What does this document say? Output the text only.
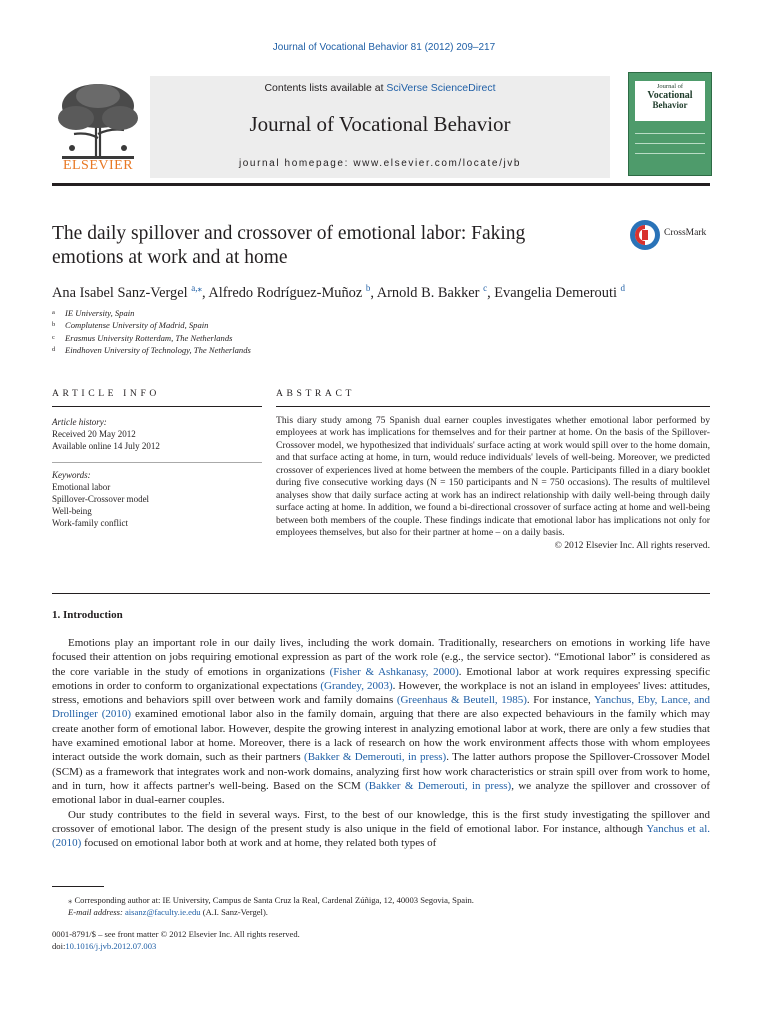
Journal of Vocational Behavior 81 (2012) 209–217
ELSEVIER
Contents lists available at SciVerse ScienceDirect
Journal of Vocational Behavior
journal homepage: www.elsevier.com/locate/jvb
Journal of
Vocational
Behavior
The daily spillover and crossover of emotional labor: Faking
emotions at work and at home
CrossMark
Ana Isabel Sanz-Vergel $^{a,⁎}$, Alfredo Rodríguez-Muñoz $^b$, Arnold B. Bakker $^c$, Evangelia Demerouti $^d$
a IE University, Spain
b Complutense University of Madrid, Spain
c Erasmus University Rotterdam, The Netherlands
d Eindhoven University of Technology, The Netherlands
ARTICLE INFO	ABSTRACT
Article history:
Received 20 May 2012
Available online 14 July 2012
Keywords:
Emotional labor
Spillover-Crossover model
Well-being
Work-family conflict
This diary study among 75 Spanish dual earner couples investigates whether emotional labor performed by employees at work has implications for themselves and for their partner at home. On the basis of the Spillover-Crossover model, we hypothesized that individuals' surface acting at work would spill over to the home domain, and that surface acting at home, in turn, would reduce individuals' levels of well-being. Moreover, we predicted crossover of experiences lived at home between the members of the couple. Participants filled in a diary booklet during five consecutive working days (N = 150 participants and N = 750 occasions). The results of multilevel analyses show that daily surface acting at work has an indirect relationship with daily well-being through daily surface acting at home. In addition, we found a bi-directional crossover of surface acting at home and well-being between both members of the couple. These findings indicate that emotional labor has implications not only for employees themselves, but also for their partner at home – on a daily basis.
© 2012 Elsevier Inc. All rights reserved.
1. Introduction

Emotions play an important role in our daily lives, including the work domain. Traditionally, researchers on emotions in working life have focused their attention on jobs requiring emotional expression as part of the work role (e.g., the service sector). “Emotional labor” is considered as the core variable in the study of emotions in organizations (Fisher & Ashkanasy, 2000). Emotional labor at work requires expressing specific emotions in order to conform to organizational expectations (Grandey, 2003). However, the workplace is not an island in employees' lives: attitudes, stress, emotions and behaviors spill over between work and family domains (Greenhaus & Beutell, 1985). For instance, Yanchus, Eby, Lance, and Drollinger (2010) examined emotional labor also in the family domain, arguing that there are also expected behaviours in the family which may create another form of emotional labor. However, despite the growing interest in analyzing emotional labor at work, there are only a few studies that have examined emotional labor at home. Moreover, there is a lack of research on how the work environment affects those with whom employees interact outside the work domain, such as their partners (Bakker & Demerouti, in press). The latter authors propose the Spillover-Crossover Model (SCM) as a framework that integrates work and non-work domains, analyzing first how work characteristics or strain spill over from work to home, and in turn, how it affects partner's well-being. Based on the SCM (Bakker & Demerouti, in press), we analyze the spillover and crossover of emotional labor in dual-earner couples.

Our study contributes to the field in several ways. First, to the best of our knowledge, this is the first study investigating the spillover and crossover of emotional labor. The design of the present study is also unique in the field of emotional labor. For instance, although Yanchus et al. (2010) focused on emotional labor both at work and at home, they related both types of

⁎ Corresponding author at: IE University, Campus de Santa Cruz la Real, Cardenal Zúñiga, 12, 40003 Segovia, Spain.
E-mail address: aisanz@faculty.ie.edu (A.I. Sanz-Vergel).
0001-8791/$ – see front matter © 2012 Elsevier Inc. All rights reserved.
doi:10.1016/j.jvb.2012.07.003
